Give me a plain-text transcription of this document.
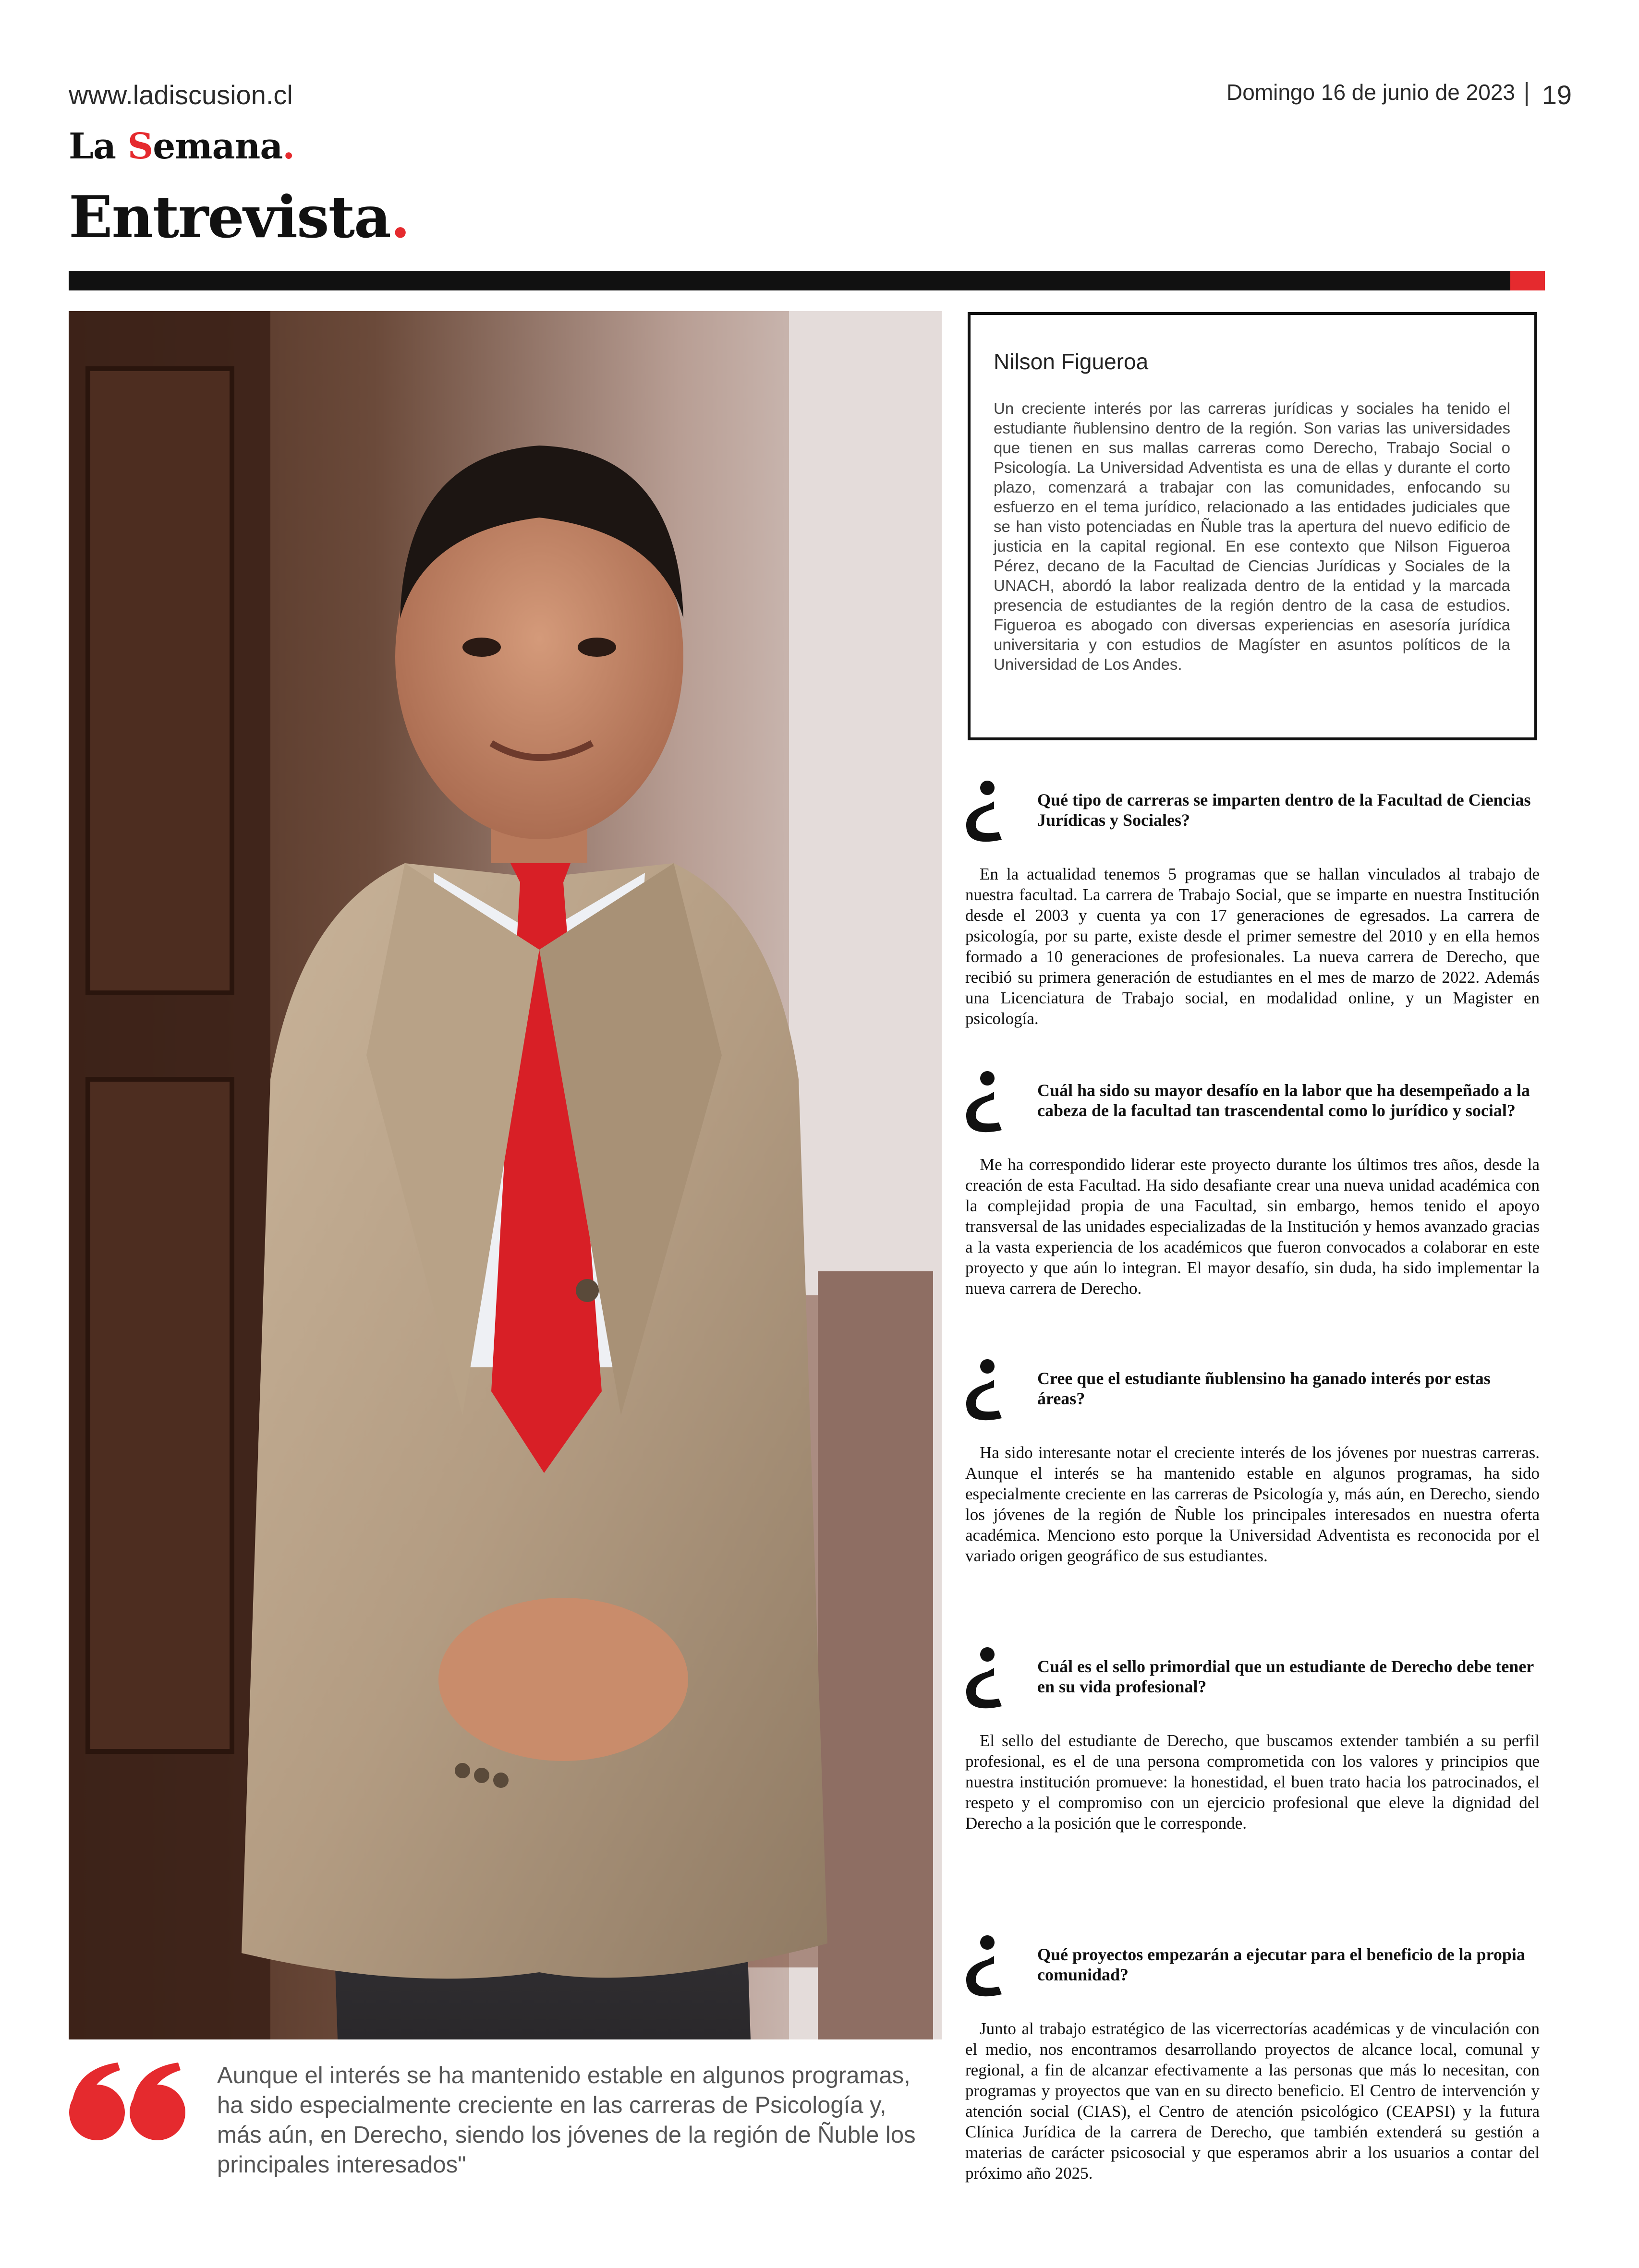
www.ladiscusion.cl	Domingo 16 de junio de 2023 19
La Semana.
Entrevista.
Aunque el interés se ha mantenido estable en algunos programas, ha sido especialmente creciente en las carreras de Psicología y, más aún, en Derecho, siendo los jóvenes de la región de Ñuble los principales interesados"
Nilson Figueroa
Un creciente interés por las carreras jurídicas y sociales ha tenido el estudiante ñublensino dentro de la región. Son varias las universidades que tienen en sus mallas carreras como Derecho, Trabajo Social o Psicología. La Universidad Adventista es una de ellas y durante el corto plazo, comenzará a trabajar con las comunidades, enfocando su esfuerzo en el tema jurídico, relacionado a las entidades judiciales que se han visto potenciadas en Ñuble tras la apertura del nuevo edificio de justicia en la capital regional. En ese contexto que Nilson Figueroa Pérez, decano de la Facultad de Ciencias Jurídicas y Sociales de la UNACH, abordó la labor realizada dentro de la entidad y la marcada presencia de estudiantes de la región dentro de la casa de estudios. Figueroa es abogado con diversas experiencias en asesoría jurídica universitaria y con estudios de Magíster en asuntos políticos de la Universidad de Los Andes.
Qué tipo de carreras se imparten dentro de la Facultad de Ciencias Jurídicas y Sociales?
En la actualidad tenemos 5 programas que se hallan vinculados al trabajo de nuestra facultad. La carrera de Trabajo Social, que se imparte en nuestra Institución desde el 2003 y cuenta ya con 17 generaciones de egresados. La carrera de psicología, por su parte, existe desde el primer semestre del 2010 y en ella hemos formado a 10 generaciones de profesionales. La nueva carrera de Derecho, que recibió su primera generación de estudiantes en el mes de marzo de 2022. Además una Licenciatura de Trabajo social, en modalidad online, y un Magister en psicología.
Cuál ha sido su mayor desafío en la labor que ha desempeñado a la cabeza de la facultad tan trascendental como lo jurídico y social?
Me ha correspondido liderar este proyecto durante los últimos tres años, desde la creación de esta Facultad. Ha sido desafiante crear una nueva unidad académica con la complejidad propia de una Facultad, sin embargo, hemos tenido el apoyo transversal de las unidades especializadas de la Institución y hemos avanzado gracias a la vasta experiencia de los académicos que fueron convocados a colaborar en este proyecto y que aún lo integran. El mayor desafío, sin duda, ha sido implementar la nueva carrera de Derecho.
Cree que el estudiante ñublensino ha ganado interés por estas áreas?
Ha sido interesante notar el creciente interés de los jóvenes por nuestras carreras. Aunque el interés se ha mantenido estable en algunos programas, ha sido especialmente creciente en las carreras de Psicología y, más aún, en Derecho, siendo los jóvenes de la región de Ñuble los principales interesados en nuestra oferta académica. Menciono esto porque la Universidad Adventista es reconocida por el variado origen geográfico de sus estudiantes.
Cuál es el sello primordial que un estudiante de Derecho debe tener en su vida profesional?
El sello del estudiante de Derecho, que buscamos extender también a su perfil profesional, es el de una persona comprometida con los valores y principios que nuestra institución promueve: la honestidad, el buen trato hacia los patrocinados, el respeto y el compromiso con un ejercicio profesional que eleve la dignidad del Derecho a la posición que le corresponde.
Qué proyectos empezarán a ejecutar para el beneficio de la propia comunidad?
Junto al trabajo estratégico de las vicerrectorías académicas y de vinculación con el medio, nos encontramos desarrollando proyectos de alcance local, comunal y regional, a fin de alcanzar efectivamente a las personas que más lo necesitan, con programas y proyectos que van en su directo beneficio. El Centro de intervención y atención social (CIAS), el Centro de atención psicológico (CEAPSI) y la futura Clínica Jurídica de la carrera de Derecho, que también extenderá su gestión a materias de carácter psicosocial y que esperamos abrir a los usuarios a contar del próximo año 2025.
